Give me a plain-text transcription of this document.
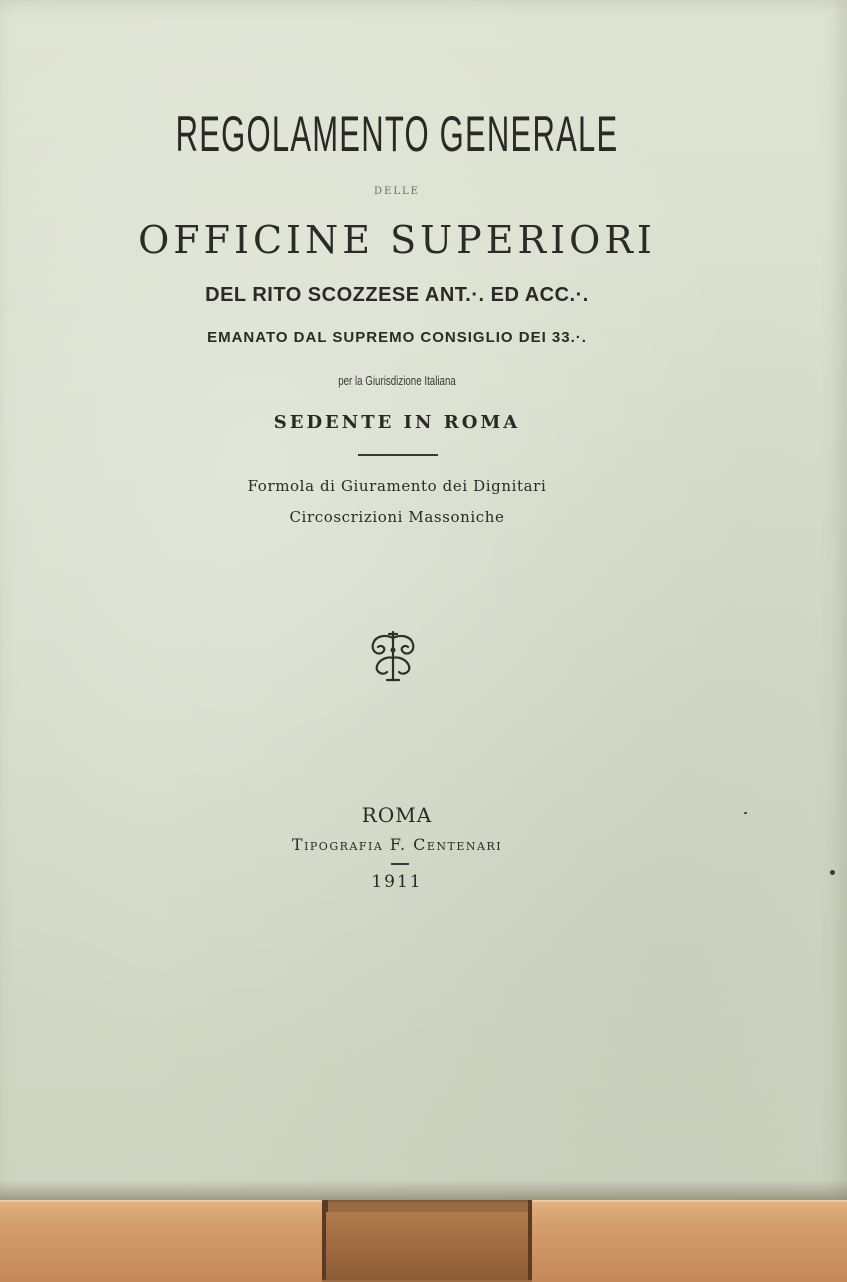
REGOLAMENTO GENERALE

DELLE

OFFICINE SUPERIORI

DEL RITO SCOZZESE ANT.·. ED ACC.·.

EMANATO DAL SUPREMO CONSIGLIO DEI 33.·.

per la Giurisdizione Italiana

SEDENTE IN ROMA

Formola di Giuramento dei Dignitari

Circoscrizioni Massoniche

ROMA

Tipografia F. Centenari

1911
